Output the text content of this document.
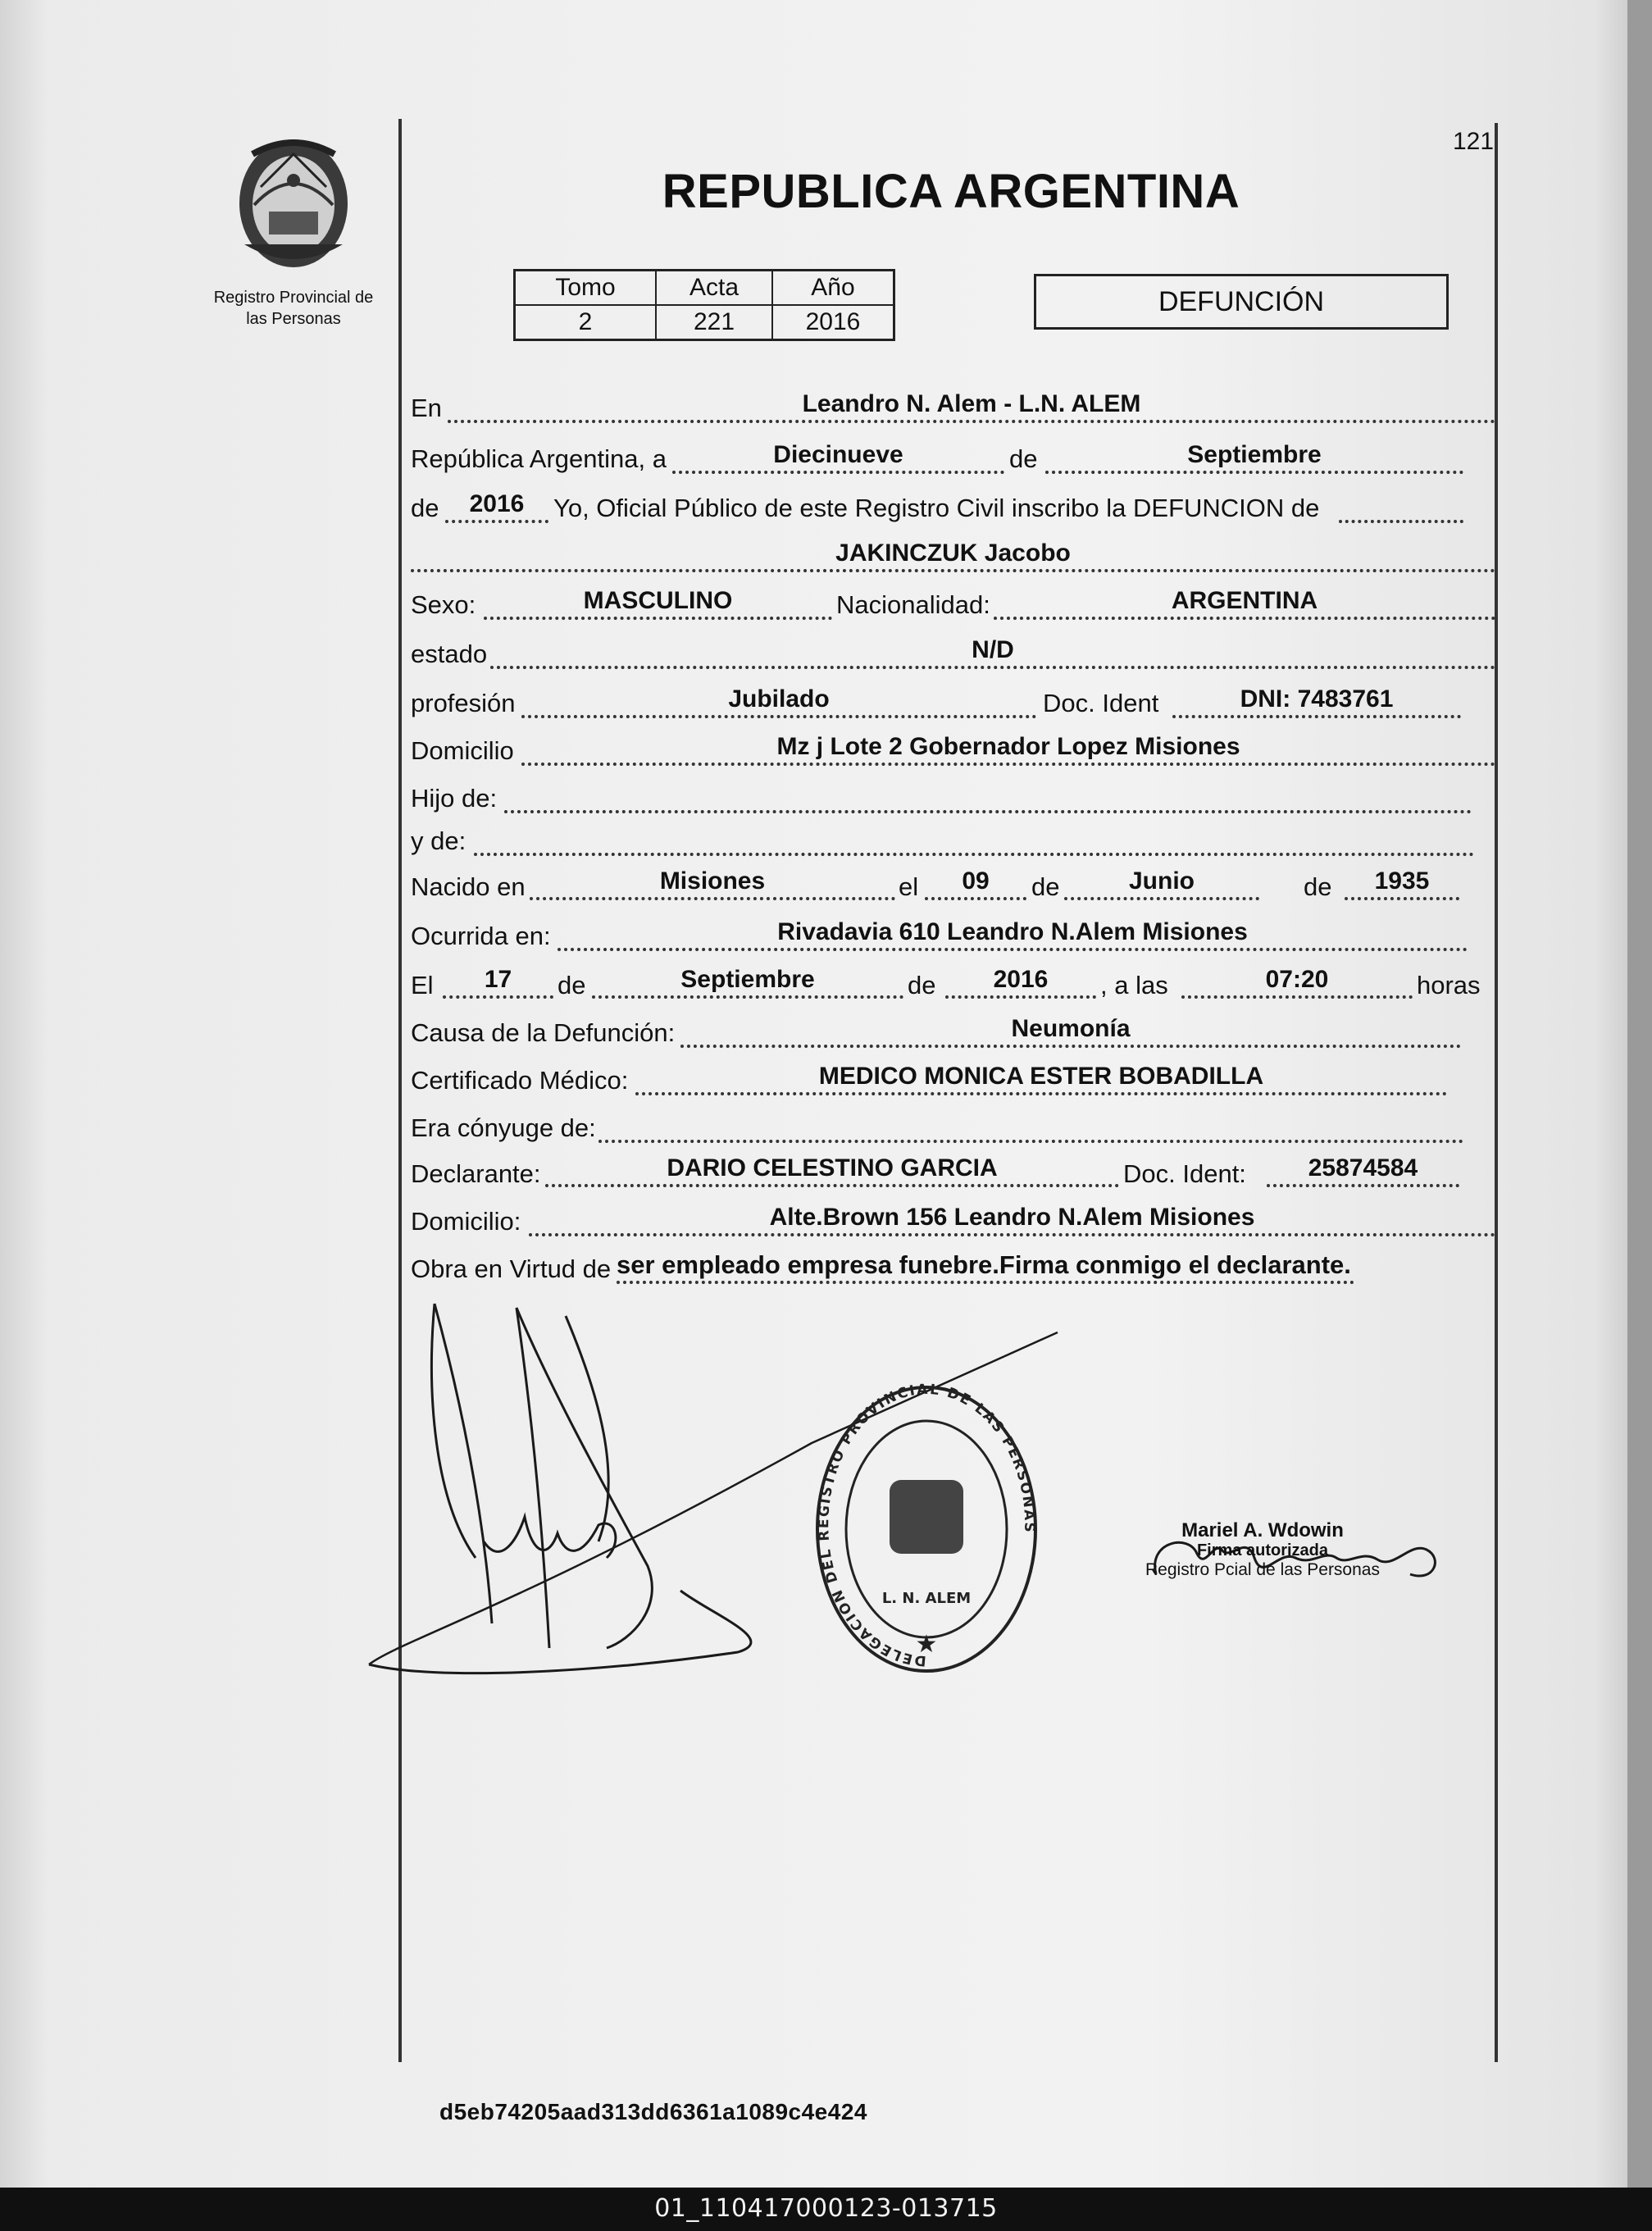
Registro Provincial de
las Personas
121
REPUBLICA ARGENTINA
Tomo	Acta	Año
2	221	2016
DEFUNCIÓN
En	Leandro N. Alem - L.N. ALEM
República Argentina, a	Diecinueve	de	Septiembre
de	2016	Yo, Oficial Público de este Registro Civil inscribo la DEFUNCION de
JAKINCZUK Jacobo
Sexo:	MASCULINO	Nacionalidad:	ARGENTINA
estado	N/D
profesión	Jubilado	Doc. Ident	DNI: 7483761
Domicilio	Mz j Lote 2 Gobernador Lopez Misiones
Hijo de:
y de:
Nacido en	Misiones	el	09	de	Junio	de	1935
Ocurrida en:	Rivadavia 610 Leandro N.Alem Misiones
El	17	de	Septiembre	de	2016	, a las	07:20	horas
Causa de la Defunción:	Neumonía
Certificado Médico:	MEDICO MONICA ESTER BOBADILLA
Era cónyuge de:
Declarante:	DARIO CELESTINO GARCIA	Doc. Ident:	25874584
Domicilio:	Alte.Brown 156 Leandro N.Alem Misiones
Obra en Virtud de ser empleado empresa funebre.Firma conmigo el declarante.
DELEGACION DEL REGISTRO PROVINCIAL DE LAS PERSONAS
L. N. ALEM
★
Mariel A. Wdowin
Firma autorizada
Registro Pcial de las Personas
d5eb74205aad313dd6361a1089c4e424
01_110417000123-013715
